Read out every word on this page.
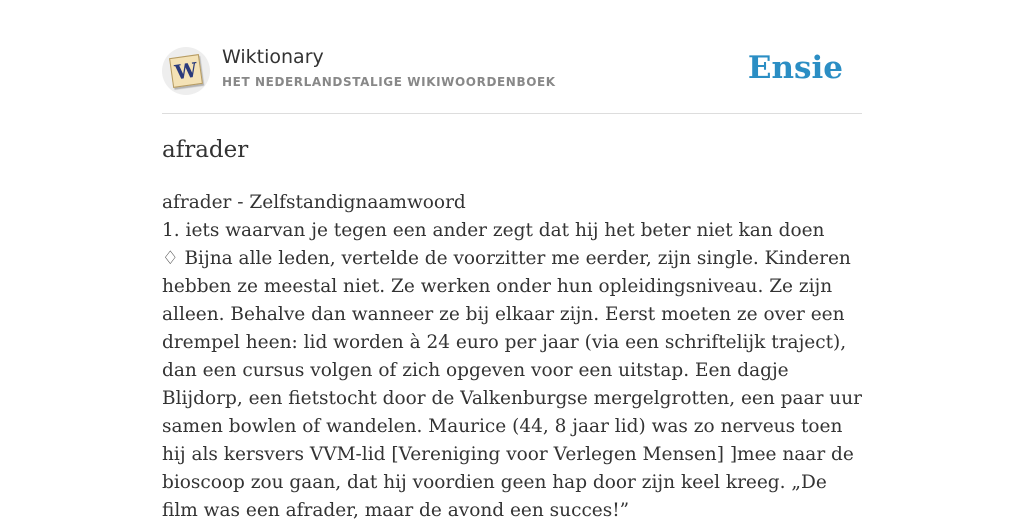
W
Wiktionary
HET NEDERLANDSTALIGE WIKIWOORDENBOEK	Ensie
afrader

afrader - Zelfstandignaamwoord

1. iets waarvan je tegen een ander zegt dat hij het beter niet kan doen

♢ Bijna alle leden, vertelde de voorzitter me eerder, zijn single. Kinderen hebben ze meestal niet. Ze werken onder hun opleidingsniveau. Ze zijn alleen. Behalve dan wanneer ze bij elkaar zijn. Eerst moeten ze over een drempel heen: lid worden à 24 euro per jaar (via een schriftelijk traject), dan een cursus volgen of zich opgeven voor een uitstap. Een dagje Blijdorp, een fietstocht door de Valkenburgse mergelgrotten, een paar uur samen bowlen of wandelen. Maurice (44, 8 jaar lid) was zo nerveus toen hij als kersvers VVM-lid [Vereniging voor Verlegen Mensen] ]mee naar de bioscoop zou gaan, dat hij voordien geen hap door zijn keel kreeg. „De film was een afrader, maar de avond een succes!”
